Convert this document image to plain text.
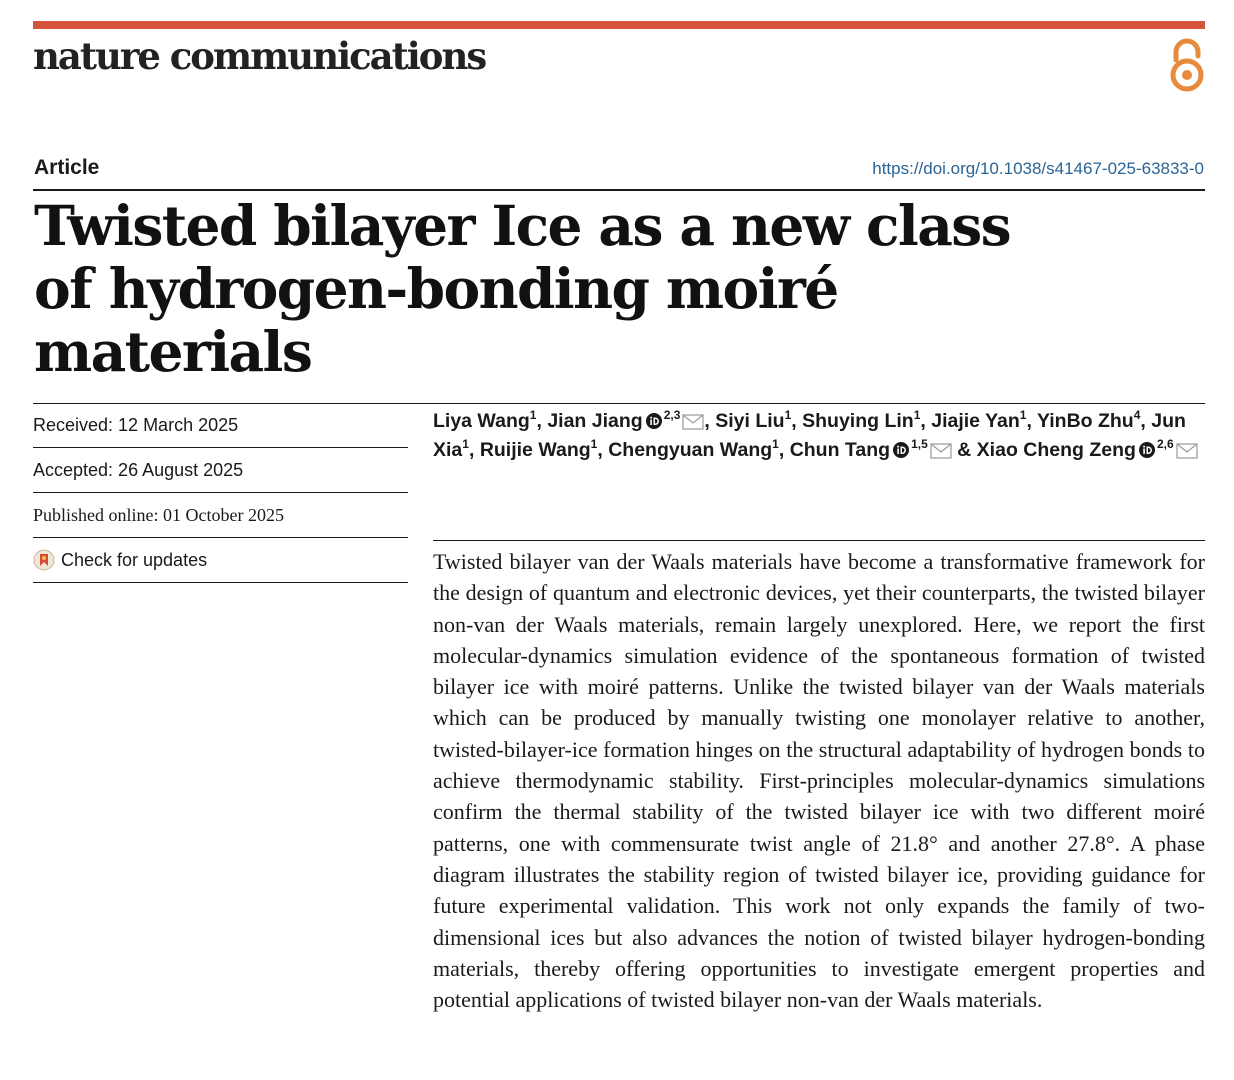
nature communications
Article	https://doi.org/10.1038/s41467-025-63833-0
Twisted bilayer Ice as a new class of hydrogen-bonding moiré materials
Received: 12 March 2025
Accepted: 26 August 2025
Published online: 01 October 2025
Check for updates
Liya Wang$^1$, Jian Jiang $^{2,3}$ , Siyi Liu$^1$, Shuying Lin$^1$, Jiajie Yan$^1$, YinBo Zhu$^4$, Jun Xia$^1$, Ruijie Wang$^1$, Chengyuan Wang$^1$, Chun Tang $^{1,5}$ & Xiao Cheng Zeng $^{2,6}$

Twisted bilayer van der Waals materials have become a transformative framework for the design of quantum and electronic devices, yet their counterparts, the twisted bilayer non-van der Waals materials, remain largely unexplored. Here, we report the first molecular-dynamics simulation evidence of the spontaneous formation of twisted bilayer ice with moiré patterns. Unlike the twisted bilayer van der Waals materials which can be produced by manually twisting one monolayer relative to another, twisted-bilayer-ice formation hinges on the structural adaptability of hydrogen bonds to achieve thermodynamic stability. First-principles molecular-dynamics simulations confirm the thermal stability of the twisted bilayer ice with two different moiré patterns, one with commensurate twist angle of 21.8° and another 27.8°. A phase diagram illustrates the stability region of twisted bilayer ice, providing guidance for future experimental validation. This work not only expands the family of two-dimensional ices but also advances the notion of twisted bilayer hydrogen-bonding materials, thereby offering opportunities to investigate emergent properties and potential applications of twisted bilayer non-van der Waals materials.
